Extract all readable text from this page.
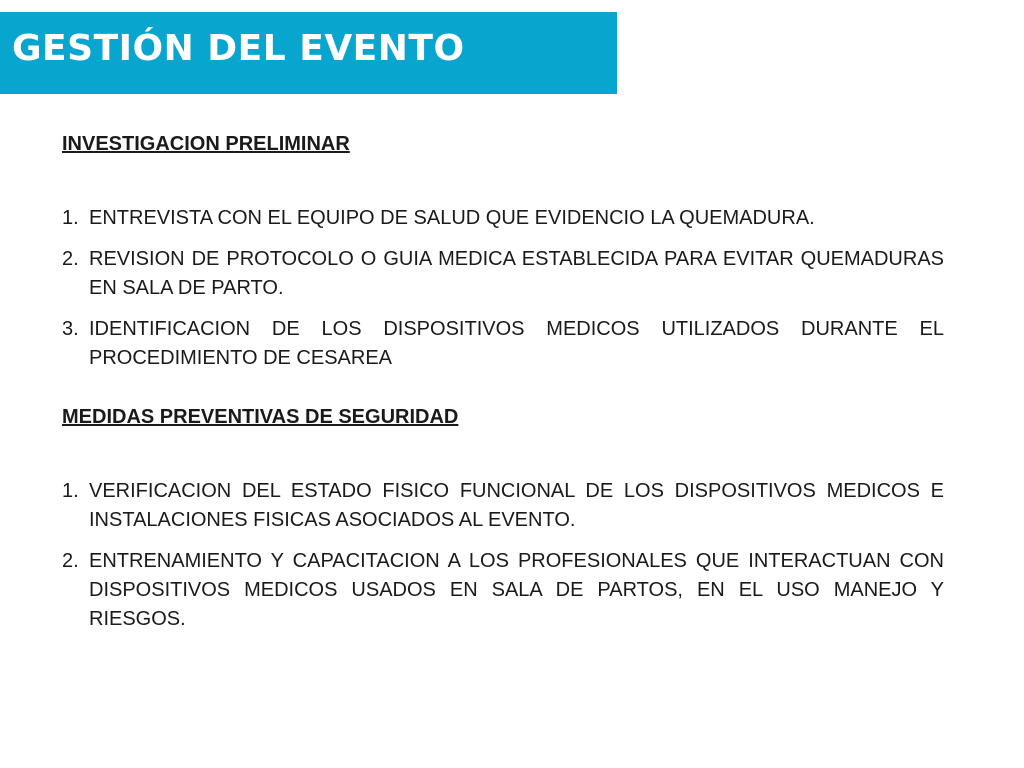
GESTIÓN DEL EVENTO

INVESTIGACION PRELIMINAR

1. ENTREVISTA CON EL EQUIPO DE SALUD QUE EVIDENCIO LA QUEMADURA.
2. REVISION DE PROTOCOLO O GUIA MEDICA ESTABLECIDA PARA EVITAR QUEMADURAS EN SALA DE PARTO.
3. IDENTIFICACION DE LOS DISPOSITIVOS MEDICOS UTILIZADOS DURANTE EL PROCEDIMIENTO DE CESAREA

MEDIDAS PREVENTIVAS DE SEGURIDAD

1. VERIFICACION DEL ESTADO FISICO FUNCIONAL DE LOS DISPOSITIVOS MEDICOS E INSTALACIONES FISICAS ASOCIADOS AL EVENTO.
2. ENTRENAMIENTO Y CAPACITACION A LOS PROFESIONALES QUE INTERACTUAN CON DISPOSITIVOS MEDICOS USADOS EN SALA DE PARTOS, EN EL USO MANEJO Y RIESGOS.
